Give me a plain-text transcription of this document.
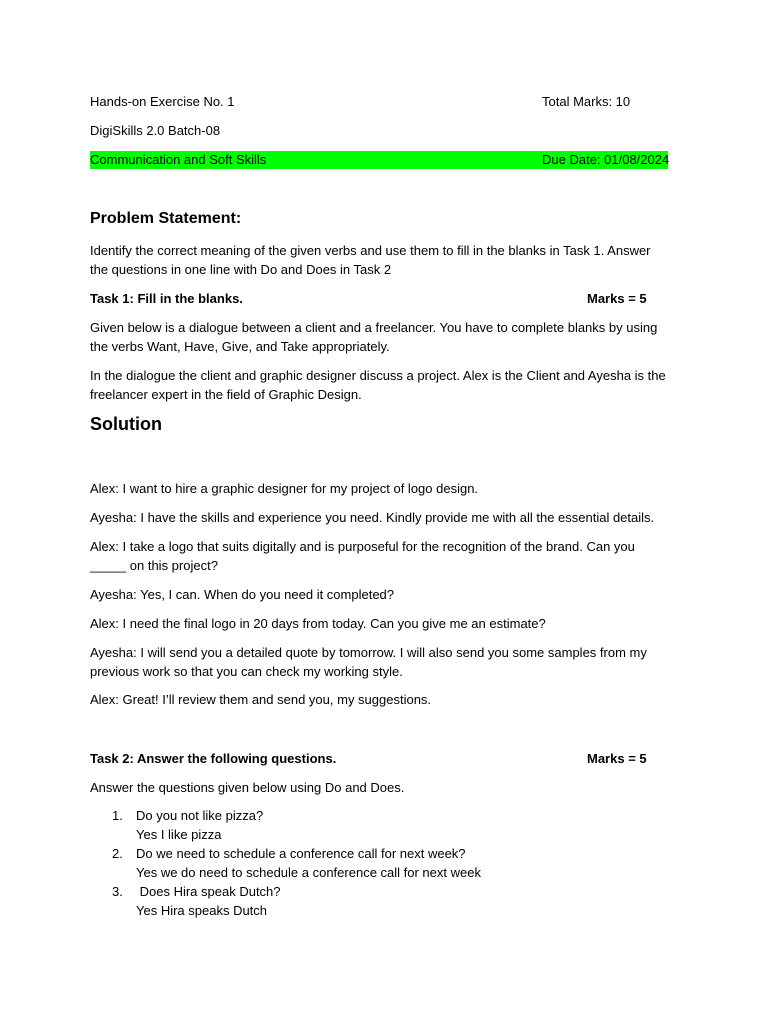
Hands-on Exercise No. 1	Total Marks: 10
DigiSkills 2.0 Batch-08
Communication and Soft Skills	Due Date: 01/08/2024
Problem Statement:
Identify the correct meaning of the given verbs and use them to fill in the blanks in Task 1. Answer the questions in one line with Do and Does in Task 2
Task 1: Fill in the blanks.	Marks = 5
Given below is a dialogue between a client and a freelancer. You have to complete blanks by using the verbs Want, Have, Give, and Take appropriately.
In the dialogue the client and graphic designer discuss a project. Alex is the Client and Ayesha is the freelancer expert in the field of Graphic Design.
Solution
Alex: I want to hire a graphic designer for my project of logo design.
Ayesha: I have the skills and experience you need. Kindly provide me with all the essential details.
Alex: I take a logo that suits digitally and is purposeful for the recognition of the brand. Can you _____ on this project?
Ayesha: Yes, I can. When do you need it completed?
Alex: I need the final logo in 20 days from today. Can you give me an estimate?
Ayesha: I will send you a detailed quote by tomorrow. I will also send you some samples from my previous work so that you can check my working style.
Alex: Great! I’ll review them and send you, my suggestions.
Task 2: Answer the following questions.	Marks = 5
Answer the questions given below using Do and Does.
1. Do you not like pizza?
Yes I like pizza
2. Do we need to schedule a conference call for next week?
Yes we do need to schedule a conference call for next week
3. Does Hira speak Dutch?
Yes Hira speaks Dutch
